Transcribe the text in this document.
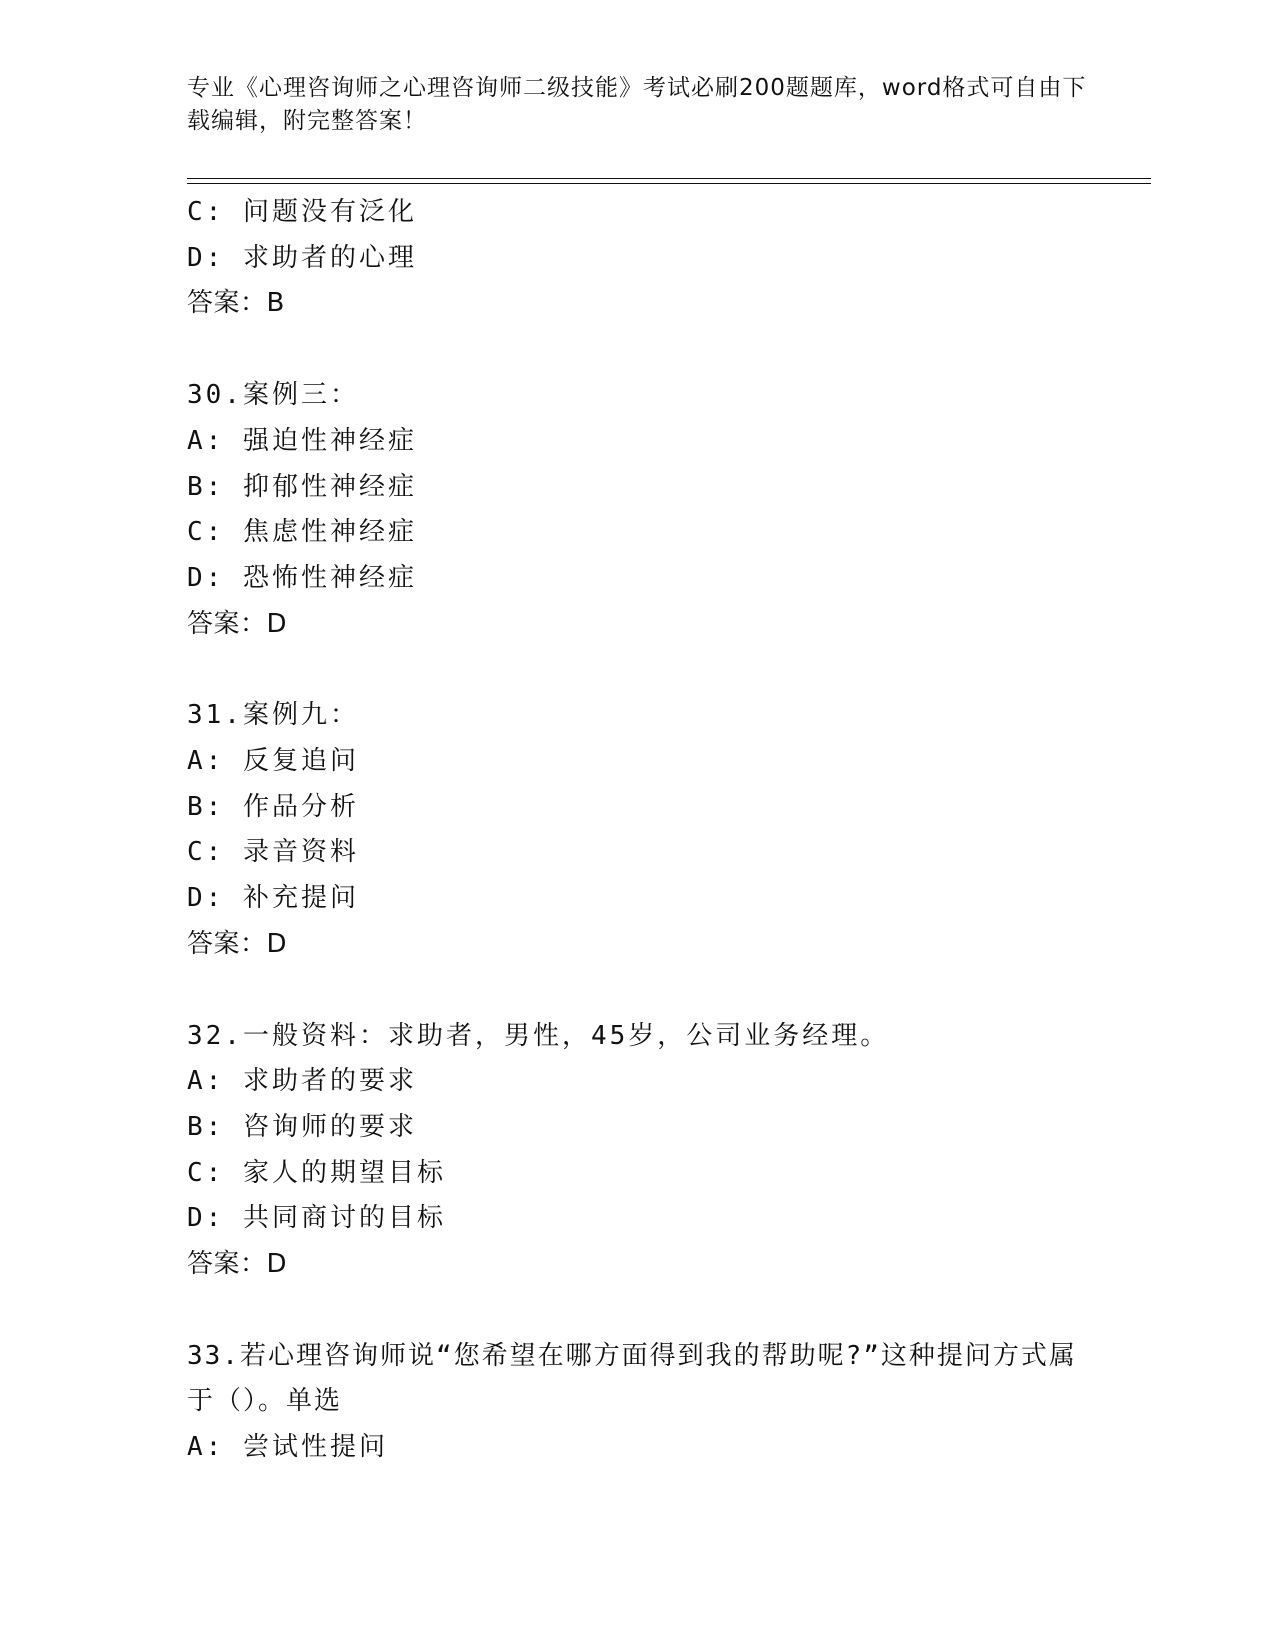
专业《心理咨询师之心理咨询师二级技能》考试必刷200题题库，word格式可自由下载编辑，附完整答案！
C: 问题没有泛化
D: 求助者的心理
答案：B
30.案例三：
A: 强迫性神经症
B: 抑郁性神经症
C: 焦虑性神经症
D: 恐怖性神经症
答案：D
31.案例九：
A: 反复追问
B: 作品分析
C: 录音资料
D: 补充提问
答案：D
32.一般资料：求助者，男性，45岁，公司业务经理。
A: 求助者的要求
B: 咨询师的要求
C: 家人的期望目标
D: 共同商讨的目标
答案：D
33.若心理咨询师说“您希望在哪方面得到我的帮助呢?”这种提问方式属于（）。单选
A: 尝试性提问
